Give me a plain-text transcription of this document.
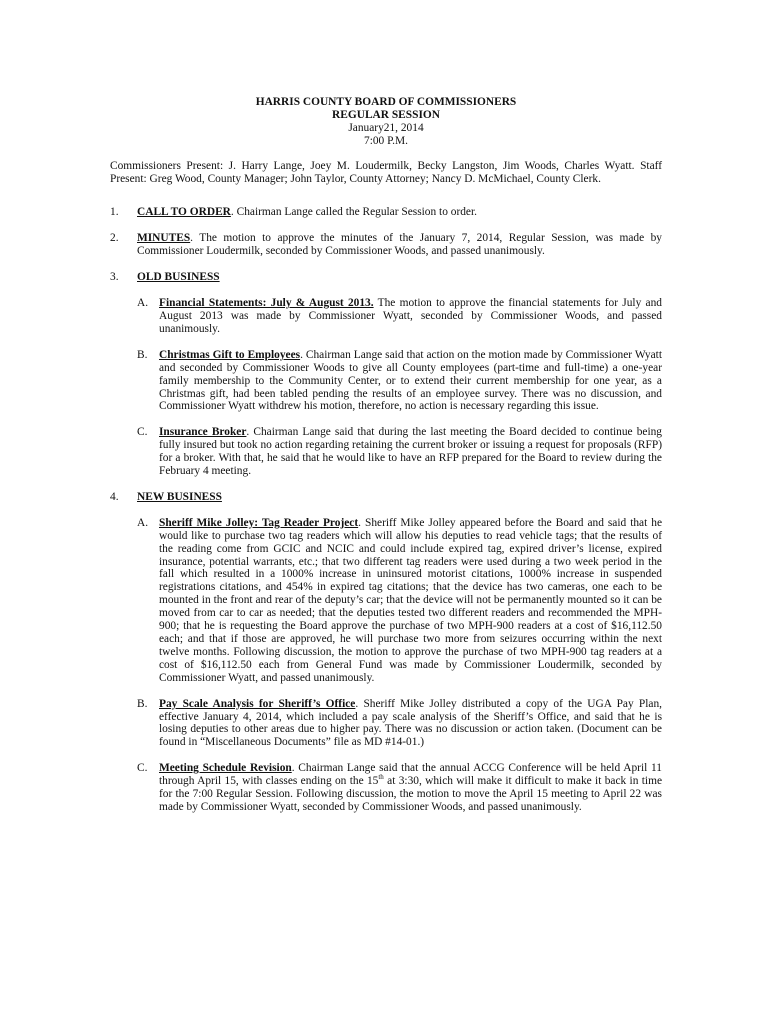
HARRIS COUNTY BOARD OF COMMISSIONERS
REGULAR SESSION
January21, 2014
7:00 P.M.
Commissioners Present: J. Harry Lange, Joey M. Loudermilk, Becky Langston, Jim Woods, Charles Wyatt. Staff Present: Greg Wood, County Manager; John Taylor, County Attorney; Nancy D. McMichael, County Clerk.
1. CALL TO ORDER. Chairman Lange called the Regular Session to order.
2. MINUTES. The motion to approve the minutes of the January 7, 2014, Regular Session, was made by Commissioner Loudermilk, seconded by Commissioner Woods, and passed unanimously.
3. OLD BUSINESS
A. Financial Statements: July & August 2013. The motion to approve the financial statements for July and August 2013 was made by Commissioner Wyatt, seconded by Commissioner Woods, and passed unanimously.
B. Christmas Gift to Employees. Chairman Lange said that action on the motion made by Commissioner Wyatt and seconded by Commissioner Woods to give all County employees (part-time and full-time) a one-year family membership to the Community Center, or to extend their current membership for one year, as a Christmas gift, had been tabled pending the results of an employee survey. There was no discussion, and Commissioner Wyatt withdrew his motion, therefore, no action is necessary regarding this issue.
C. Insurance Broker. Chairman Lange said that during the last meeting the Board decided to continue being fully insured but took no action regarding retaining the current broker or issuing a request for proposals (RFP) for a broker. With that, he said that he would like to have an RFP prepared for the Board to review during the February 4 meeting.
4. NEW BUSINESS
A. Sheriff Mike Jolley: Tag Reader Project. Sheriff Mike Jolley appeared before the Board and said that he would like to purchase two tag readers which will allow his deputies to read vehicle tags; that the results of the reading come from GCIC and NCIC and could include expired tag, expired driver’s license, expired insurance, potential warrants, etc.; that two different tag readers were used during a two week period in the fall which resulted in a 1000% increase in uninsured motorist citations, 1000% increase in suspended registrations citations, and 454% in expired tag citations; that the device has two cameras, one each to be mounted in the front and rear of the deputy’s car; that the device will not be permanently mounted so it can be moved from car to car as needed; that the deputies tested two different readers and recommended the MPH-900; that he is requesting the Board approve the purchase of two MPH-900 readers at a cost of $16,112.50 each; and that if those are approved, he will purchase two more from seizures occurring within the next twelve months. Following discussion, the motion to approve the purchase of two MPH-900 tag readers at a cost of $16,112.50 each from General Fund was made by Commissioner Loudermilk, seconded by Commissioner Wyatt, and passed unanimously.
B. Pay Scale Analysis for Sheriff’s Office. Sheriff Mike Jolley distributed a copy of the UGA Pay Plan, effective January 4, 2014, which included a pay scale analysis of the Sheriff’s Office, and said that he is losing deputies to other areas due to higher pay. There was no discussion or action taken. (Document can be found in “Miscellaneous Documents” file as MD #14-01.)
C. Meeting Schedule Revision. Chairman Lange said that the annual ACCG Conference will be held April 11 through April 15, with classes ending on the 15th at 3:30, which will make it difficult to make it back in time for the 7:00 Regular Session. Following discussion, the motion to move the April 15 meeting to April 22 was made by Commissioner Wyatt, seconded by Commissioner Woods, and passed unanimously.
